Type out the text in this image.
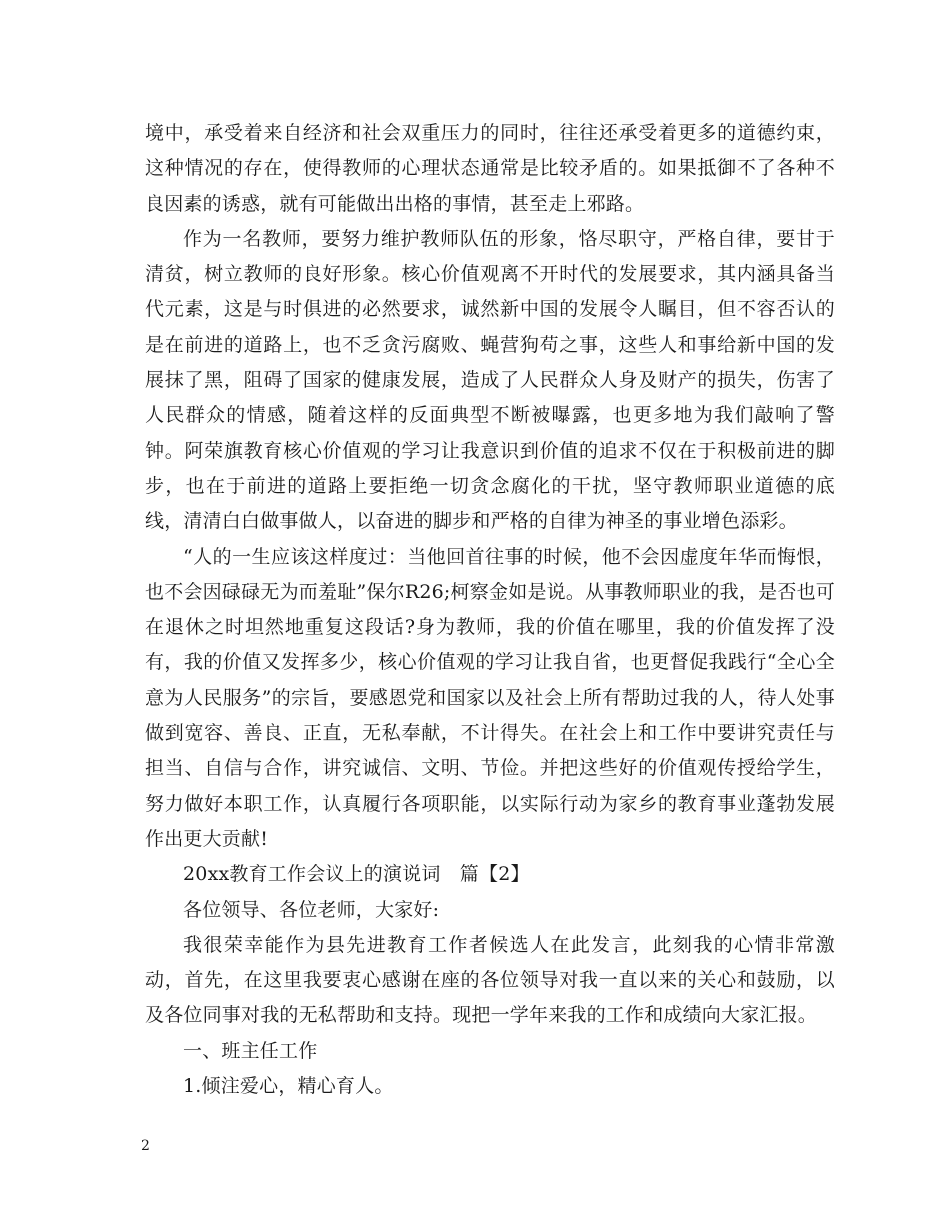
境中，承受着来自经济和社会双重压力的同时，往往还承受着更多的道德约束，这种情况的存在，使得教师的心理状态通常是比较矛盾的。如果抵御不了各种不良因素的诱惑，就有可能做出出格的事情，甚至走上邪路。

作为一名教师，要努力维护教师队伍的形象，恪尽职守，严格自律，要甘于清贫，树立教师的良好形象。核心价值观离不开时代的发展要求，其内涵具备当代元素，这是与时俱进的必然要求，诚然新中国的发展令人瞩目，但不容否认的是在前进的道路上，也不乏贪污腐败、蝇营狗苟之事，这些人和事给新中国的发展抹了黑，阻碍了国家的健康发展，造成了人民群众人身及财产的损失，伤害了人民群众的情感，随着这样的反面典型不断被曝露，也更多地为我们敲响了警钟。阿荣旗教育核心价值观的学习让我意识到价值的追求不仅在于积极前进的脚步，也在于前进的道路上要拒绝一切贪念腐化的干扰，坚守教师职业道德的底线，清清白白做事做人，以奋进的脚步和严格的自律为神圣的事业增色添彩。

“人的一生应该这样度过：当他回首往事的时候，他不会因虚度年华而悔恨，也不会因碌碌无为而羞耻”保尔R26;柯察金如是说。从事教师职业的我，是否也可在退休之时坦然地重复这段话?身为教师，我的价值在哪里，我的价值发挥了没有，我的价值又发挥多少，核心价值观的学习让我自省，也更督促我践行“全心全意为人民服务”的宗旨，要感恩党和国家以及社会上所有帮助过我的人，待人处事做到宽容、善良、正直，无私奉献，不计得失。在社会上和工作中要讲究责任与担当、自信与合作，讲究诚信、文明、节俭。并把这些好的价值观传授给学生，努力做好本职工作，认真履行各项职能，以实际行动为家乡的教育事业蓬勃发展作出更大贡献!

20xx教育工作会议上的演说词　篇【2】

各位领导、各位老师，大家好:

我很荣幸能作为县先进教育工作者候选人在此发言，此刻我的心情非常激动，首先，在这里我要衷心感谢在座的各位领导对我一直以来的关心和鼓励，以及各位同事对我的无私帮助和支持。现把一学年来我的工作和成绩向大家汇报。

一、班主任工作

1.倾注爱心，精心育人。

2
